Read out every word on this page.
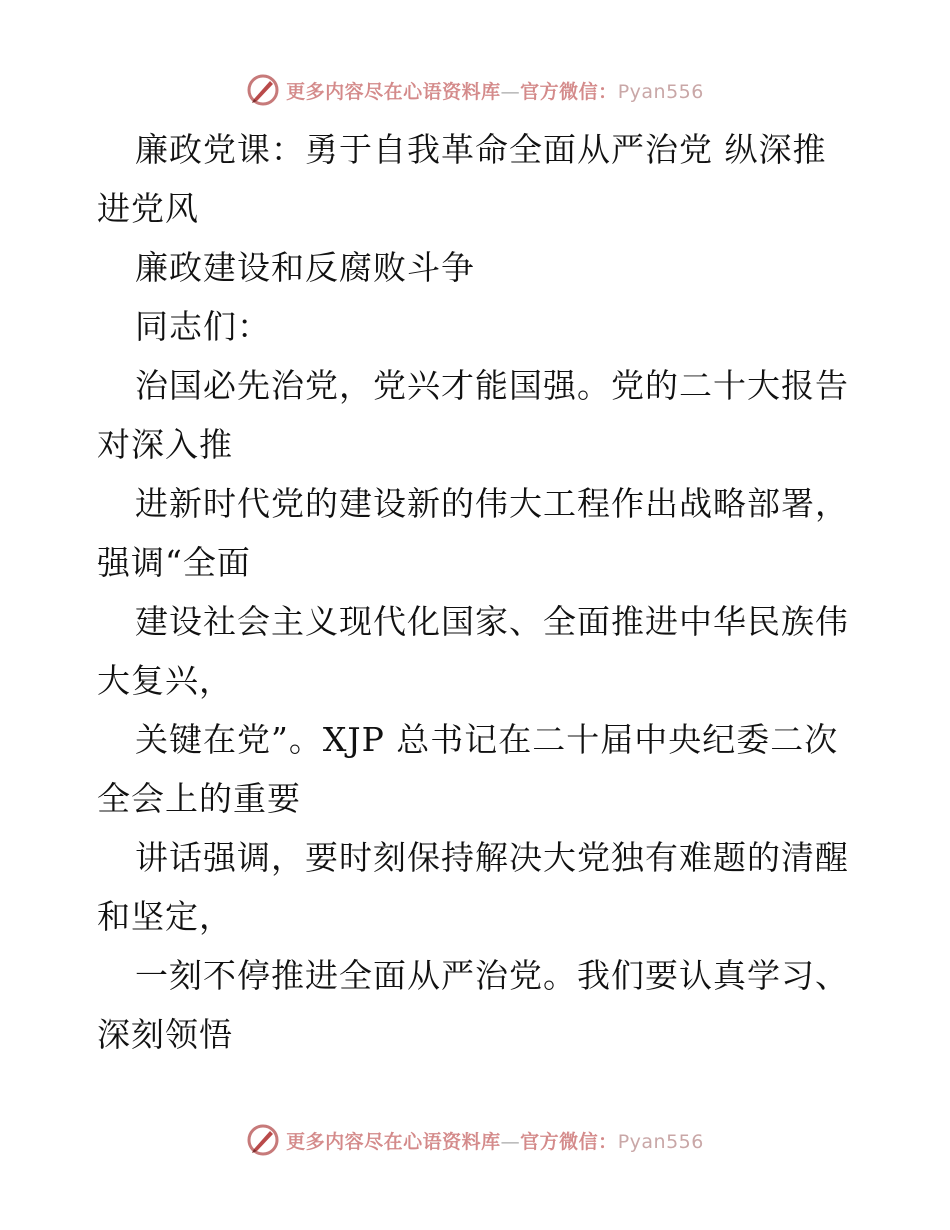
更多内容尽在心语资料库—官方微信：Pyan556

廉政党课：勇于自我革命全面从严治党 纵深推进党风

廉政建设和反腐败斗争

同志们：

治国必先治党，党兴才能国强。党的二十大报告对深入推

进新时代党的建设新的伟大工程作出战略部署，强调“全面

建设社会主义现代化国家、全面推进中华民族伟大复兴，

关键在党”。XJP 总书记在二十届中央纪委二次全会上的重要

讲话强调，要时刻保持解决大党独有难题的清醒和坚定，

一刻不停推进全面从严治党。我们要认真学习、深刻领悟

更多内容尽在心语资料库—官方微信：Pyan556
